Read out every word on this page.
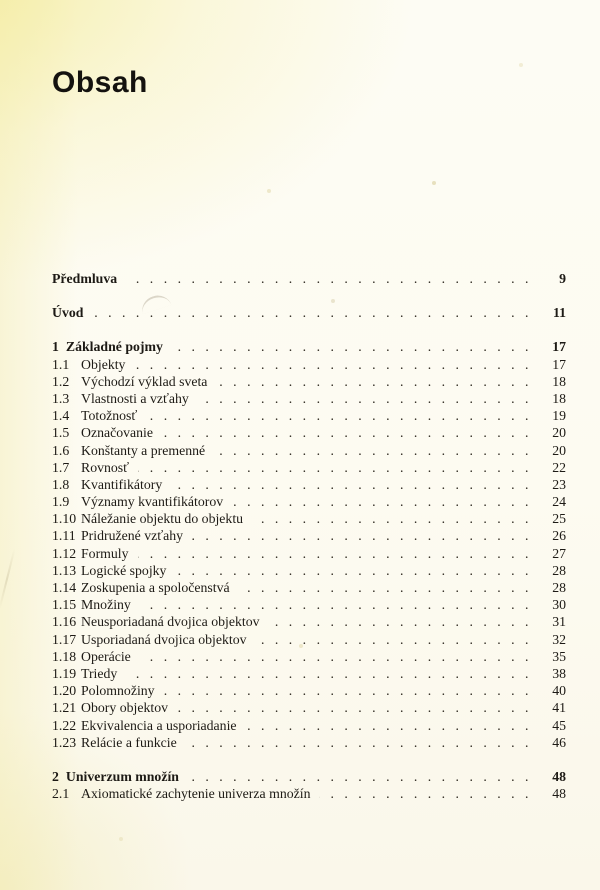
Obsah
Předmluva . . .	9
Úvod . . .	11
1 Základné pojmy . . .	17
1.1 Objekty . . .	17
1.2 Východzí výklad sveta . . .	18
1.3 Vlastnosti a vzťahy . . .	18
1.4 Totožnosť . . .	19
1.5 Označovanie . . .	20
1.6 Konštanty a premenné . . .	20
1.7 Rovnosť . . .	22
1.8 Kvantifikátory . . .	23
1.9 Významy kvantifikátorov . . .	24
1.10 Náležanie objektu do objektu . . .	25
1.11 Pridružené vzťahy . . .	26
1.12 Formuly . . .	27
1.13 Logické spojky . . .	28
1.14 Zoskupenia a spoločenstvá . . .	28
1.15 Množiny . . .	30
1.16 Neusporiadaná dvojica objektov . . .	31
1.17 Usporiadaná dvojica objektov . . .	32
1.18 Operácie . . .	35
1.19 Triedy . . .	38
1.20 Polomnožiny . . .	40
1.21 Obory objektov . . .	41
1.22 Ekvivalencia a usporiadanie . . .	45
1.23 Relácie a funkcie . . .	46
2 Univerzum množín . . .	48
2.1 Axiomatické zachytenie univerza množín . . .	48
